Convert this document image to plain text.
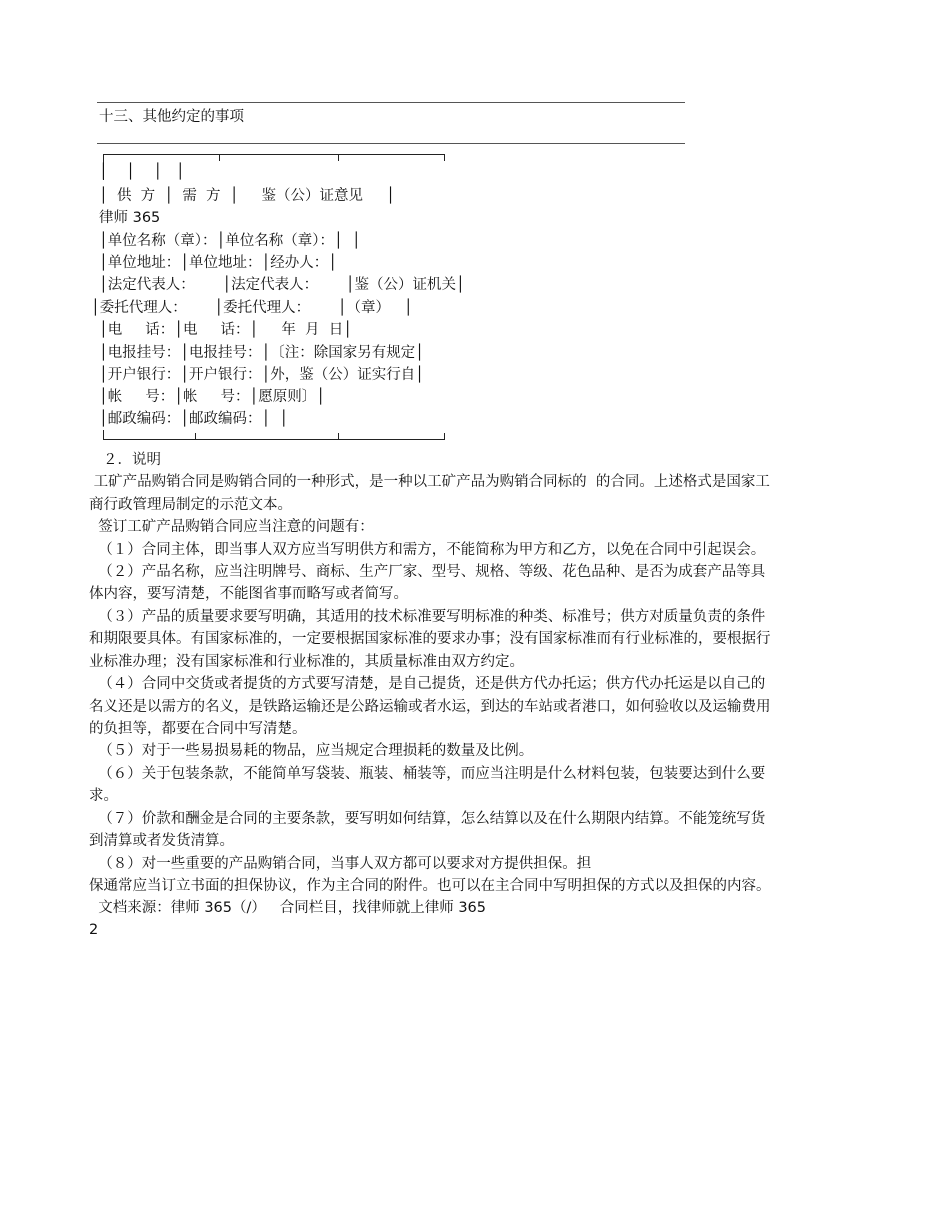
十三、其他约定的事项
│    │    │   │
│  供  方  │  需  方  │     鉴（公）证意见     │
律师 365
│单位名称（章）：│单位名称（章）：│  │
│单位地址：│单位地址：│经办人：│
│法定代表人：      │法定代表人：      │鉴（公）证机关│
│委托代理人：      │委托代理人：      │（章）   │
│电     话：│电     话：│     年  月  日│
│电报挂号：│电报挂号：│〔注：除国家另有规定│
│开户银行：│开户银行：│外，鉴（公）证实行自│
│帐     号：│帐     号：│愿原则〕│
│邮政编码：│邮政编码：│  │
２．说明
工矿产品购销合同是购销合同的一种形式，是一种以工矿产品为购销合同标的  的合同。上述格式是国家工
商行政管理局制定的示范文本。
签订工矿产品购销合同应当注意的问题有：
（１）合同主体，即当事人双方应当写明供方和需方，不能简称为甲方和乙方，以免在合同中引起误会。
（２）产品名称，应当注明牌号、商标、生产厂家、型号、规格、等级、花色品种、是否为成套产品等具
体内容，要写清楚，不能图省事而略写或者简写。
（３）产品的质量要求要写明确，其适用的技术标准要写明标准的种类、标准号；供方对质量负责的条件
和期限要具体。有国家标准的，一定要根据国家标准的要求办事；没有国家标准而有行业标准的，要根据行
业标准办理；没有国家标准和行业标准的，其质量标准由双方约定。
（４）合同中交货或者提货的方式要写清楚，是自己提货，还是供方代办托运；供方代办托运是以自己的
名义还是以需方的名义，是铁路运输还是公路运输或者水运，到达的车站或者港口，如何验收以及运输费用
的负担等，都要在合同中写清楚。
（５）对于一些易损易耗的物品，应当规定合理损耗的数量及比例。
（６）关于包装条款，不能简单写袋装、瓶装、桶装等，而应当注明是什么材料包装，包装要达到什么要
求。
（７）价款和酬金是合同的主要条款，要写明如何结算，怎么结算以及在什么期限内结算。不能笼统写货
到清算或者发货清算。
（８）对一些重要的产品购销合同，当事人双方都可以要求对方提供担保。担
保通常应当订立书面的担保协议，作为主合同的附件。也可以在主合同中写明担保的方式以及担保的内容。
文档来源：律师 365（/）   合同栏目，找律师就上律师 365
2
